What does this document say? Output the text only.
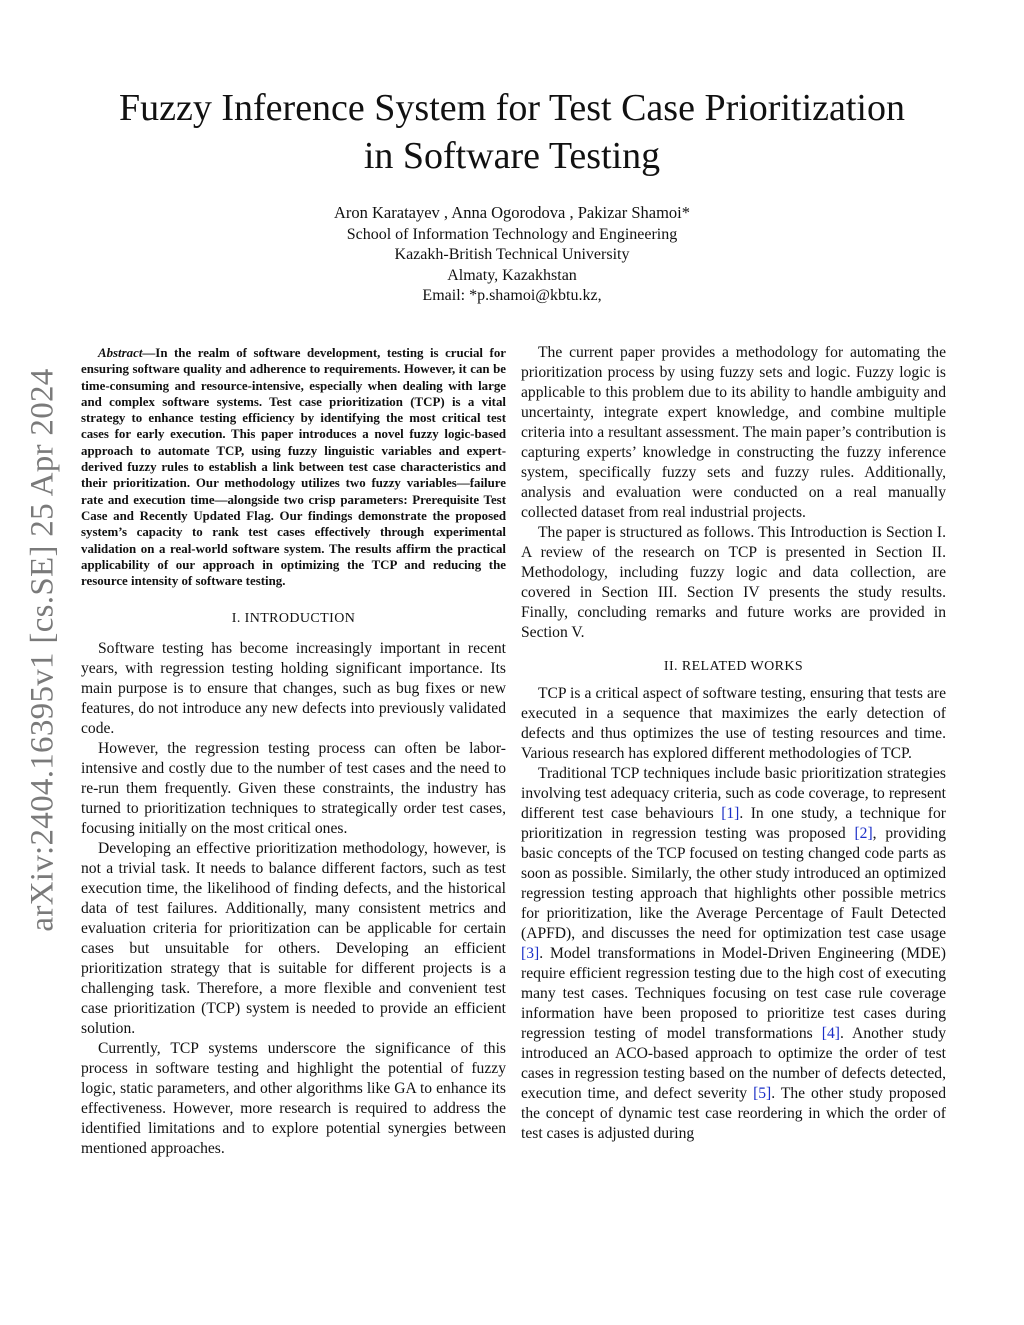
arXiv:2404.16395v1 [cs.SE] 25 Apr 2024
Fuzzy Inference System for Test Case Prioritization
in Software Testing
Aron Karatayev , Anna Ogorodova , Pakizar Shamoi*
School of Information Technology and Engineering
Kazakh-British Technical University
Almaty, Kazakhstan
Email: *p.shamoi@kbtu.kz,

Abstract—In the realm of software development, testing is crucial for ensuring software quality and adherence to requirements. However, it can be time-consuming and resource-intensive, especially when dealing with large and complex software systems. Test case prioritization (TCP) is a vital strategy to enhance testing efficiency by identifying the most critical test cases for early execution. This paper introduces a novel fuzzy logic-based approach to automate TCP, using fuzzy linguistic variables and expert-derived fuzzy rules to establish a link between test case characteristics and their prioritization. Our methodology utilizes two fuzzy variables—failure rate and execution time—alongside two crisp parameters: Prerequisite Test Case and Recently Updated Flag. Our findings demonstrate the proposed system’s capacity to rank test cases effectively through experimental validation on a real-world software system. The results affirm the practical applicability of our approach in optimizing the TCP and reducing the resource intensity of software testing.

I. INTRODUCTION

Software testing has become increasingly important in recent years, with regression testing holding significant importance. Its main purpose is to ensure that changes, such as bug fixes or new features, do not introduce any new defects into previously validated code.

However, the regression testing process can often be labor-intensive and costly due to the number of test cases and the need to re-run them frequently. Given these constraints, the industry has turned to prioritization techniques to strategically order test cases, focusing initially on the most critical ones.

Developing an effective prioritization methodology, however, is not a trivial task. It needs to balance different factors, such as test execution time, the likelihood of finding defects, and the historical data of test failures. Additionally, many consistent metrics and evaluation criteria for prioritization can be applicable for certain cases but unsuitable for others. Developing an efficient prioritization strategy that is suitable for different projects is a challenging task. Therefore, a more flexible and convenient test case prioritization (TCP) system is needed to provide an efficient solution.

Currently, TCP systems underscore the significance of this process in software testing and highlight the potential of fuzzy logic, static parameters, and other algorithms like GA to enhance its effectiveness. However, more research is required to address the identified limitations and to explore potential synergies between mentioned approaches.

The current paper provides a methodology for automating the prioritization process by using fuzzy sets and logic. Fuzzy logic is applicable to this problem due to its ability to handle ambiguity and uncertainty, integrate expert knowledge, and combine multiple criteria into a resultant assessment. The main paper’s contribution is capturing experts’ knowledge in constructing the fuzzy inference system, specifically fuzzy sets and fuzzy rules. Additionally, analysis and evaluation were conducted on a real manually collected dataset from real industrial projects.

The paper is structured as follows. This Introduction is Section I. A review of the research on TCP is presented in Section II. Methodology, including fuzzy logic and data collection, are covered in Section III. Section IV presents the study results. Finally, concluding remarks and future works are provided in Section V.

II. RELATED WORKS

TCP is a critical aspect of software testing, ensuring that tests are executed in a sequence that maximizes the early detection of defects and thus optimizes the use of testing resources and time. Various research has explored different methodologies of TCP.

Traditional TCP techniques include basic prioritization strategies involving test adequacy criteria, such as code coverage, to represent different test case behaviours [1]. In one study, a technique for prioritization in regression testing was proposed [2], providing basic concepts of the TCP focused on testing changed code parts as soon as possible. Similarly, the other study introduced an optimized regression testing approach that highlights other possible metrics for prioritization, like the Average Percentage of Fault Detected (APFD), and discusses the need for optimization test case usage [3]. Model transformations in Model-Driven Engineering (MDE) require efficient regression testing due to the high cost of executing many test cases. Techniques focusing on test case rule coverage information have been proposed to prioritize test cases during regression testing of model transformations [4]. Another study introduced an ACO-based approach to optimize the order of test cases in regression testing based on the number of defects detected, execution time, and defect severity [5]. The other study proposed the concept of dynamic test case reordering in which the order of test cases is adjusted during
